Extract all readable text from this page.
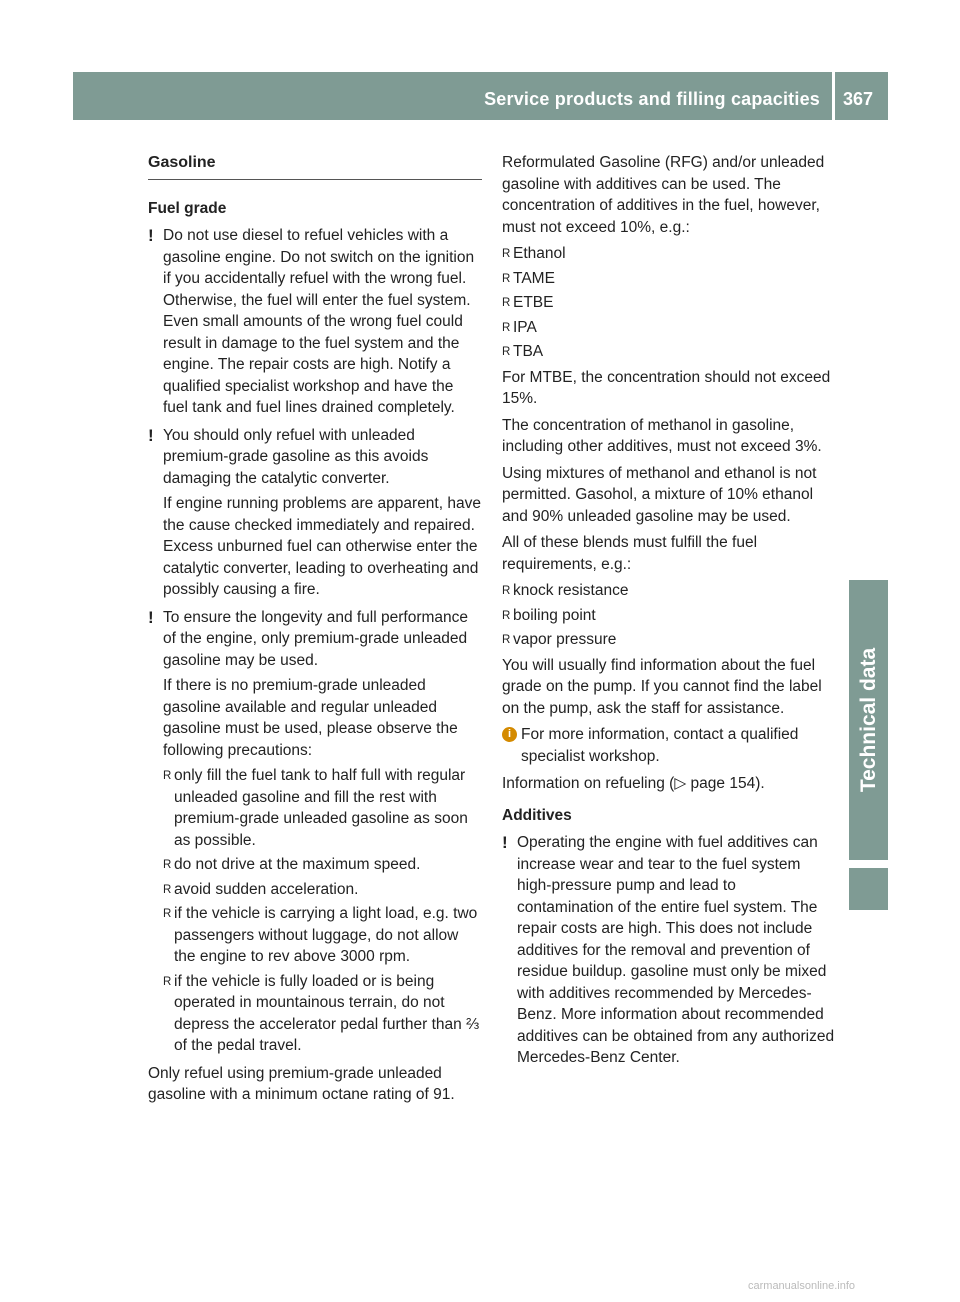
Service products and filling capacities 367
Technical data
Gasoline
Fuel grade
! Do not use diesel to refuel vehicles with a gasoline engine. Do not switch on the ignition if you accidentally refuel with the wrong fuel. Otherwise, the fuel will enter the fuel system. Even small amounts of the wrong fuel could result in damage to the fuel system and the engine. The repair costs are high. Notify a qualified specialist workshop and have the fuel tank and fuel lines drained completely.

! You should only refuel with unleaded premium-grade gasoline as this avoids damaging the catalytic converter.

If engine running problems are apparent, have the cause checked immediately and repaired. Excess unburned fuel can otherwise enter the catalytic converter, leading to overheating and possibly causing a fire.

! To ensure the longevity and full performance of the engine, only premium-grade unleaded gasoline may be used.

If there is no premium-grade unleaded gasoline available and regular unleaded gasoline must be used, please observe the following precautions:

R only fill the fuel tank to half full with regular unleaded gasoline and fill the rest with premium-grade unleaded gasoline as soon as possible.
R do not drive at the maximum speed.
R avoid sudden acceleration.
R if the vehicle is carrying a light load, e.g. two passengers without luggage, do not allow the engine to rev above 3000 rpm.
R if the vehicle is fully loaded or is being operated in mountainous terrain, do not depress the accelerator pedal further than ⅔ of the pedal travel.

Only refuel using premium-grade unleaded gasoline with a minimum octane rating of 91.

Reformulated Gasoline (RFG) and/or unleaded gasoline with additives can be used. The concentration of additives in the fuel, however, must not exceed 10%, e.g.:

R Ethanol
R TAME
R ETBE
R IPA
R TBA

For MTBE, the concentration should not exceed 15%.

The concentration of methanol in gasoline, including other additives, must not exceed 3%.

Using mixtures of methanol and ethanol is not permitted. Gasohol, a mixture of 10% ethanol and 90% unleaded gasoline may be used.

All of these blends must fulfill the fuel requirements, e.g.:

R knock resistance
R boiling point
R vapor pressure

You will usually find information about the fuel grade on the pump. If you cannot find the label on the pump, ask the staff for assistance.

i For more information, contact a qualified specialist workshop.

Information on refueling (▷ page 154).

Additives
! Operating the engine with fuel additives can increase wear and tear to the fuel system high-pressure pump and lead to contamination of the entire fuel system. The repair costs are high. This does not include additives for the removal and prevention of residue buildup. gasoline must only be mixed with additives recommended by Mercedes-Benz. More information about recommended additives can be obtained from any authorized Mercedes-Benz Center.

carmanualsonline.info
